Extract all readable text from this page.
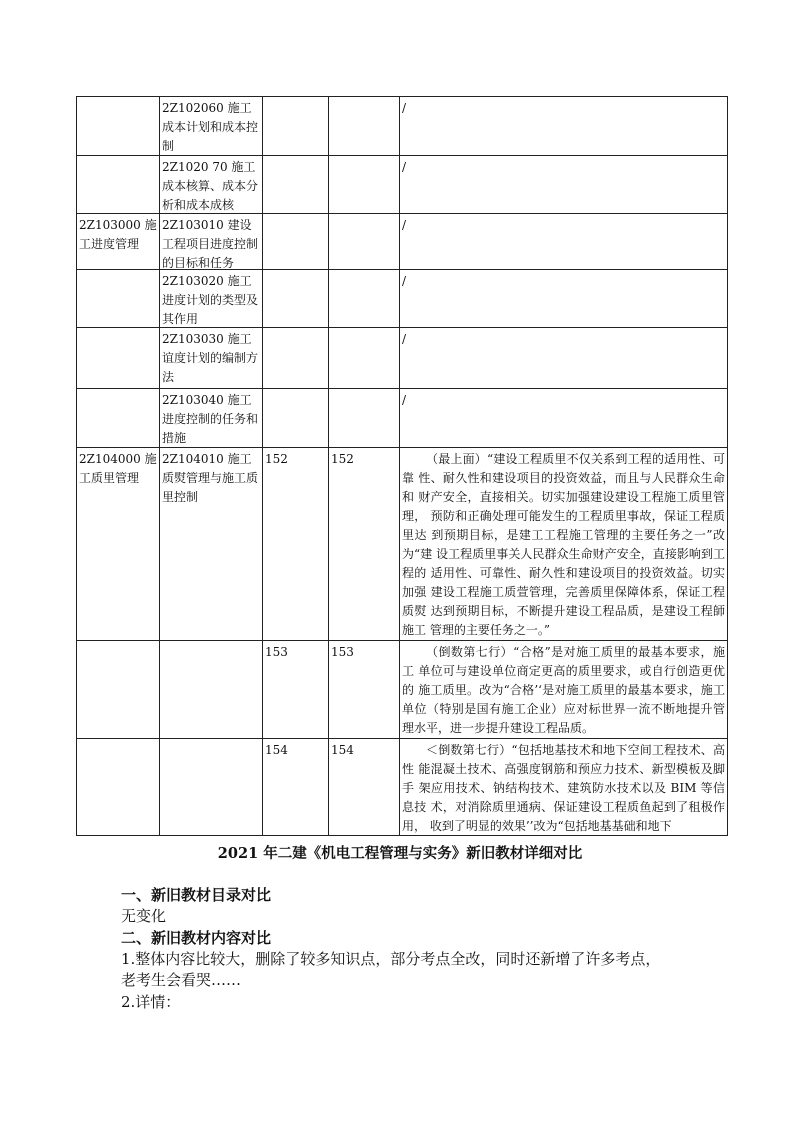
	2Z102060 施工成本计划和成本控制			/

	2Z1020 70 施工成本核算、成本分析和成本成核			/
2Z103000 施工进度管理	2Z103010 建设工程项目进度控制的目标和任务			/

	2Z103020 施工进度计划的类型及其作用			/

	2Z103030 施工谊度计划的编制方法			/

	2Z103040 施工进度控制的任务和措施			/
2Z104000 施工质里管理	2Z104010 施工质熨管理与施工质里控制	152	152	（最上面）“建设工程质里不仅关系到工程的适用性、可靠 性、耐久性和建设项目的投资效益，而且与人民群众生命和 财产安全，直接相关。切实加强建设建设工程施工质里管理， 预防和正确处理可能发生的工程质里事故，保证工程质里达 到预期目标，是建工工程施工管理的主要任务之一”改为“建 设工程质里事关人民群众生命财产安全，直接影响到工程的 适用性、可靠性、耐久性和建设项目的投资效益。切实加强 建设工程施工质萱管理，完善质里保障体系，保证工程质熨 达到预期目标，不断提升建设工程品质，是建设工程師施工 管理的主要任务之一。”

		153	153	（倒数第七行）“合格”是对施工质里的最基本要求，施工 单位可与建设单位商定更高的质里要求，或自行创造更优的 施工质里。改为“合格’‘是对施工质里的最基本要求，施工 单位（特别是国有施工企业）应对标世界一流不断地提升管 理水平，进一步提升建设工程品质。

		154	154	＜倒数第七行）“包括地基技术和地下空间工程技术、高性 能混凝土技术、高强度钢筋和预应力技术、新型模板及脚手 架应用技术、钠结构技术、建筑防水技术以及 BIM 等信息技 术，对消除质里通病、保证建设工程质鱼起到了租极作用， 收到了明显的效果’’改为“包括地基基础和地下
2021 年二建《机电工程管理与实务》新旧教材详细对比
一、新旧教材目录对比
无变化
二、新旧教材内容对比
1.整体内容比较大，删除了较多知识点，部分考点全改，同时还新增了许多考点，
老考生会看哭……
2.详情：
